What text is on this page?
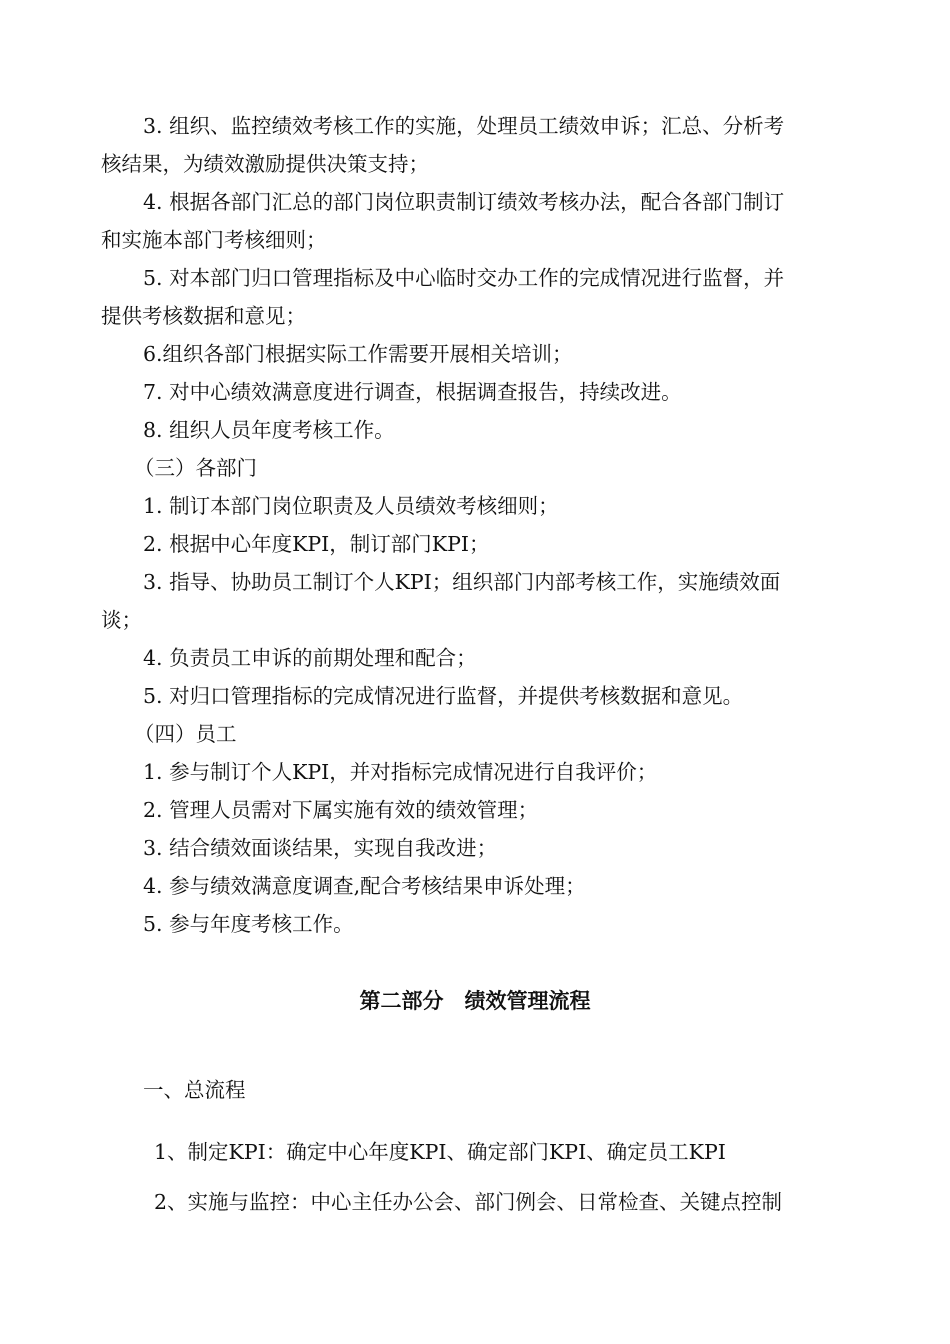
3. 组织、监控绩效考核工作的实施，处理员工绩效申诉；汇总、分析考
核结果，为绩效激励提供决策支持；
4. 根据各部门汇总的部门岗位职责制订绩效考核办法，配合各部门制订
和实施本部门考核细则；
5. 对本部门归口管理指标及中心临时交办工作的完成情况进行监督，并
提供考核数据和意见；
6.组织各部门根据实际工作需要开展相关培训；
7. 对中心绩效满意度进行调查，根据调查报告，持续改进。
8. 组织人员年度考核工作。
（三）各部门
1. 制订本部门岗位职责及人员绩效考核细则；
2. 根据中心年度KPI，制订部门KPI；
3. 指导、协助员工制订个人KPI；组织部门内部考核工作，实施绩效面
谈；
4. 负责员工申诉的前期处理和配合；
5. 对归口管理指标的完成情况进行监督，并提供考核数据和意见。
（四）员工
1. 参与制订个人KPI，并对指标完成情况进行自我评价；
2. 管理人员需对下属实施有效的绩效管理；
3. 结合绩效面谈结果，实现自我改进；
4. 参与绩效满意度调查,配合考核结果申诉处理；
5. 参与年度考核工作。
第二部分　绩效管理流程
一、总流程
1、制定KPI：确定中心年度KPI、确定部门KPI、确定员工KPI
2、实施与监控：中心主任办公会、部门例会、日常检查、关键点控制
